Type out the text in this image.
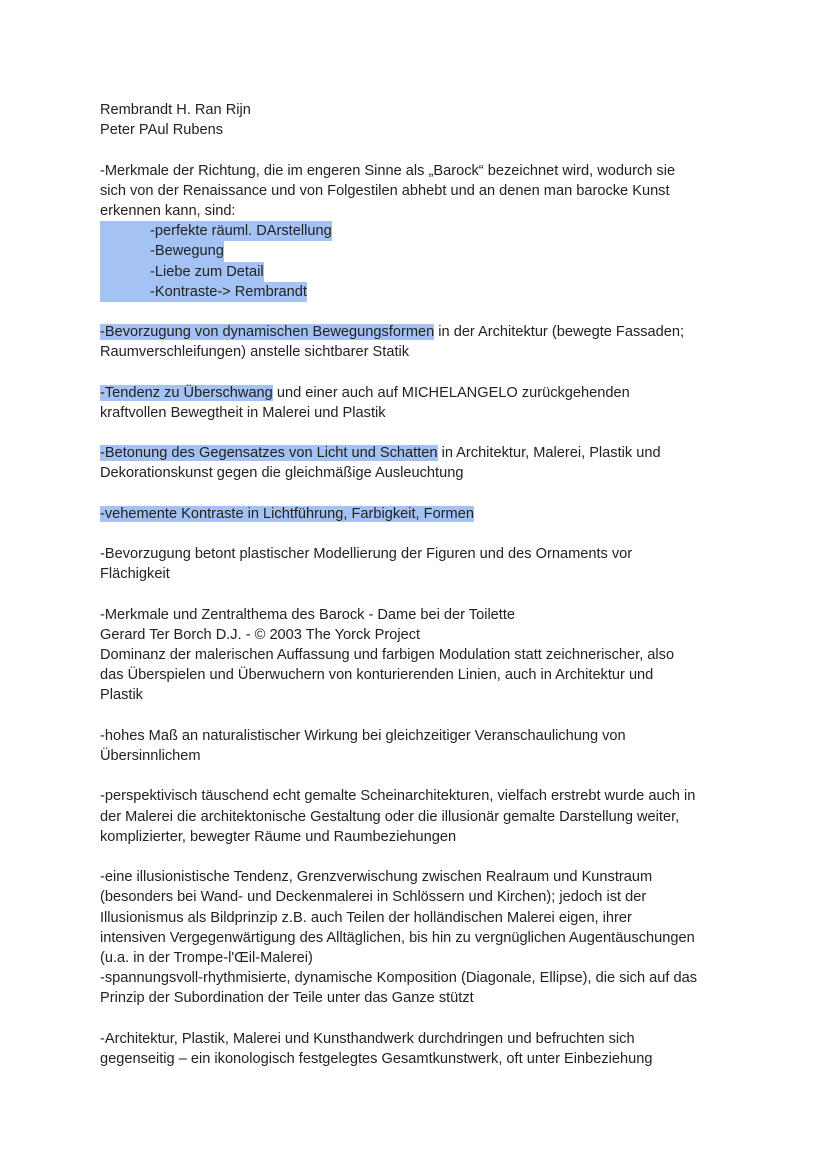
Rembrandt H. Ran Rijn
Peter PAul Rubens
-Merkmale der Richtung, die im engeren Sinne als „Barock“ bezeichnet wird, wodurch sie
sich von der Renaissance und von Folgestilen abhebt und an denen man barocke Kunst
erkennen kann, sind:
-perfekte räuml. DArstellung
-Bewegung
-Liebe zum Detail
-Kontraste-> Rembrandt
-Bevorzugung von dynamischen Bewegungsformen in der Architektur (bewegte Fassaden;
Raumverschleifungen) anstelle sichtbarer Statik
-Tendenz zu Überschwang und einer auch auf MICHELANGELO zurückgehenden
kraftvollen Bewegtheit in Malerei und Plastik
-Betonung des Gegensatzes von Licht und Schatten in Architektur, Malerei, Plastik und
Dekorationskunst gegen die gleichmäßige Ausleuchtung
-vehemente Kontraste in Lichtführung, Farbigkeit, Formen
-Bevorzugung betont plastischer Modellierung der Figuren und des Ornaments vor
Flächigkeit
-Merkmale und Zentralthema des Barock - Dame bei der Toilette
Gerard Ter Borch D.J. - © 2003 The Yorck Project
Dominanz der malerischen Auffassung und farbigen Modulation statt zeichnerischer, also
das Überspielen und Überwuchern von konturierenden Linien, auch in Architektur und
Plastik
-hohes Maß an naturalistischer Wirkung bei gleichzeitiger Veranschaulichung von
Übersinnlichem
-perspektivisch täuschend echt gemalte Scheinarchitekturen, vielfach erstrebt wurde auch in
der Malerei die architektonische Gestaltung oder die illusionär gemalte Darstellung weiter,
komplizierter, bewegter Räume und Raumbeziehungen
-eine illusionistische Tendenz, Grenzverwischung zwischen Realraum und Kunstraum
(besonders bei Wand- und Deckenmalerei in Schlössern und Kirchen); jedoch ist der
Illusionismus als Bildprinzip z.B. auch Teilen der holländischen Malerei eigen, ihrer
intensiven Vergegenwärtigung des Alltäglichen, bis hin zu vergnüglichen Augentäuschungen
(u.a. in der Trompe-l'Œil-Malerei)
-spannungsvoll-rhythmisierte, dynamische Komposition (Diagonale, Ellipse), die sich auf das
Prinzip der Subordination der Teile unter das Ganze stützt
-Architektur, Plastik, Malerei und Kunsthandwerk durchdringen und befruchten sich
gegenseitig – ein ikonologisch festgelegtes Gesamtkunstwerk, oft unter Einbeziehung
